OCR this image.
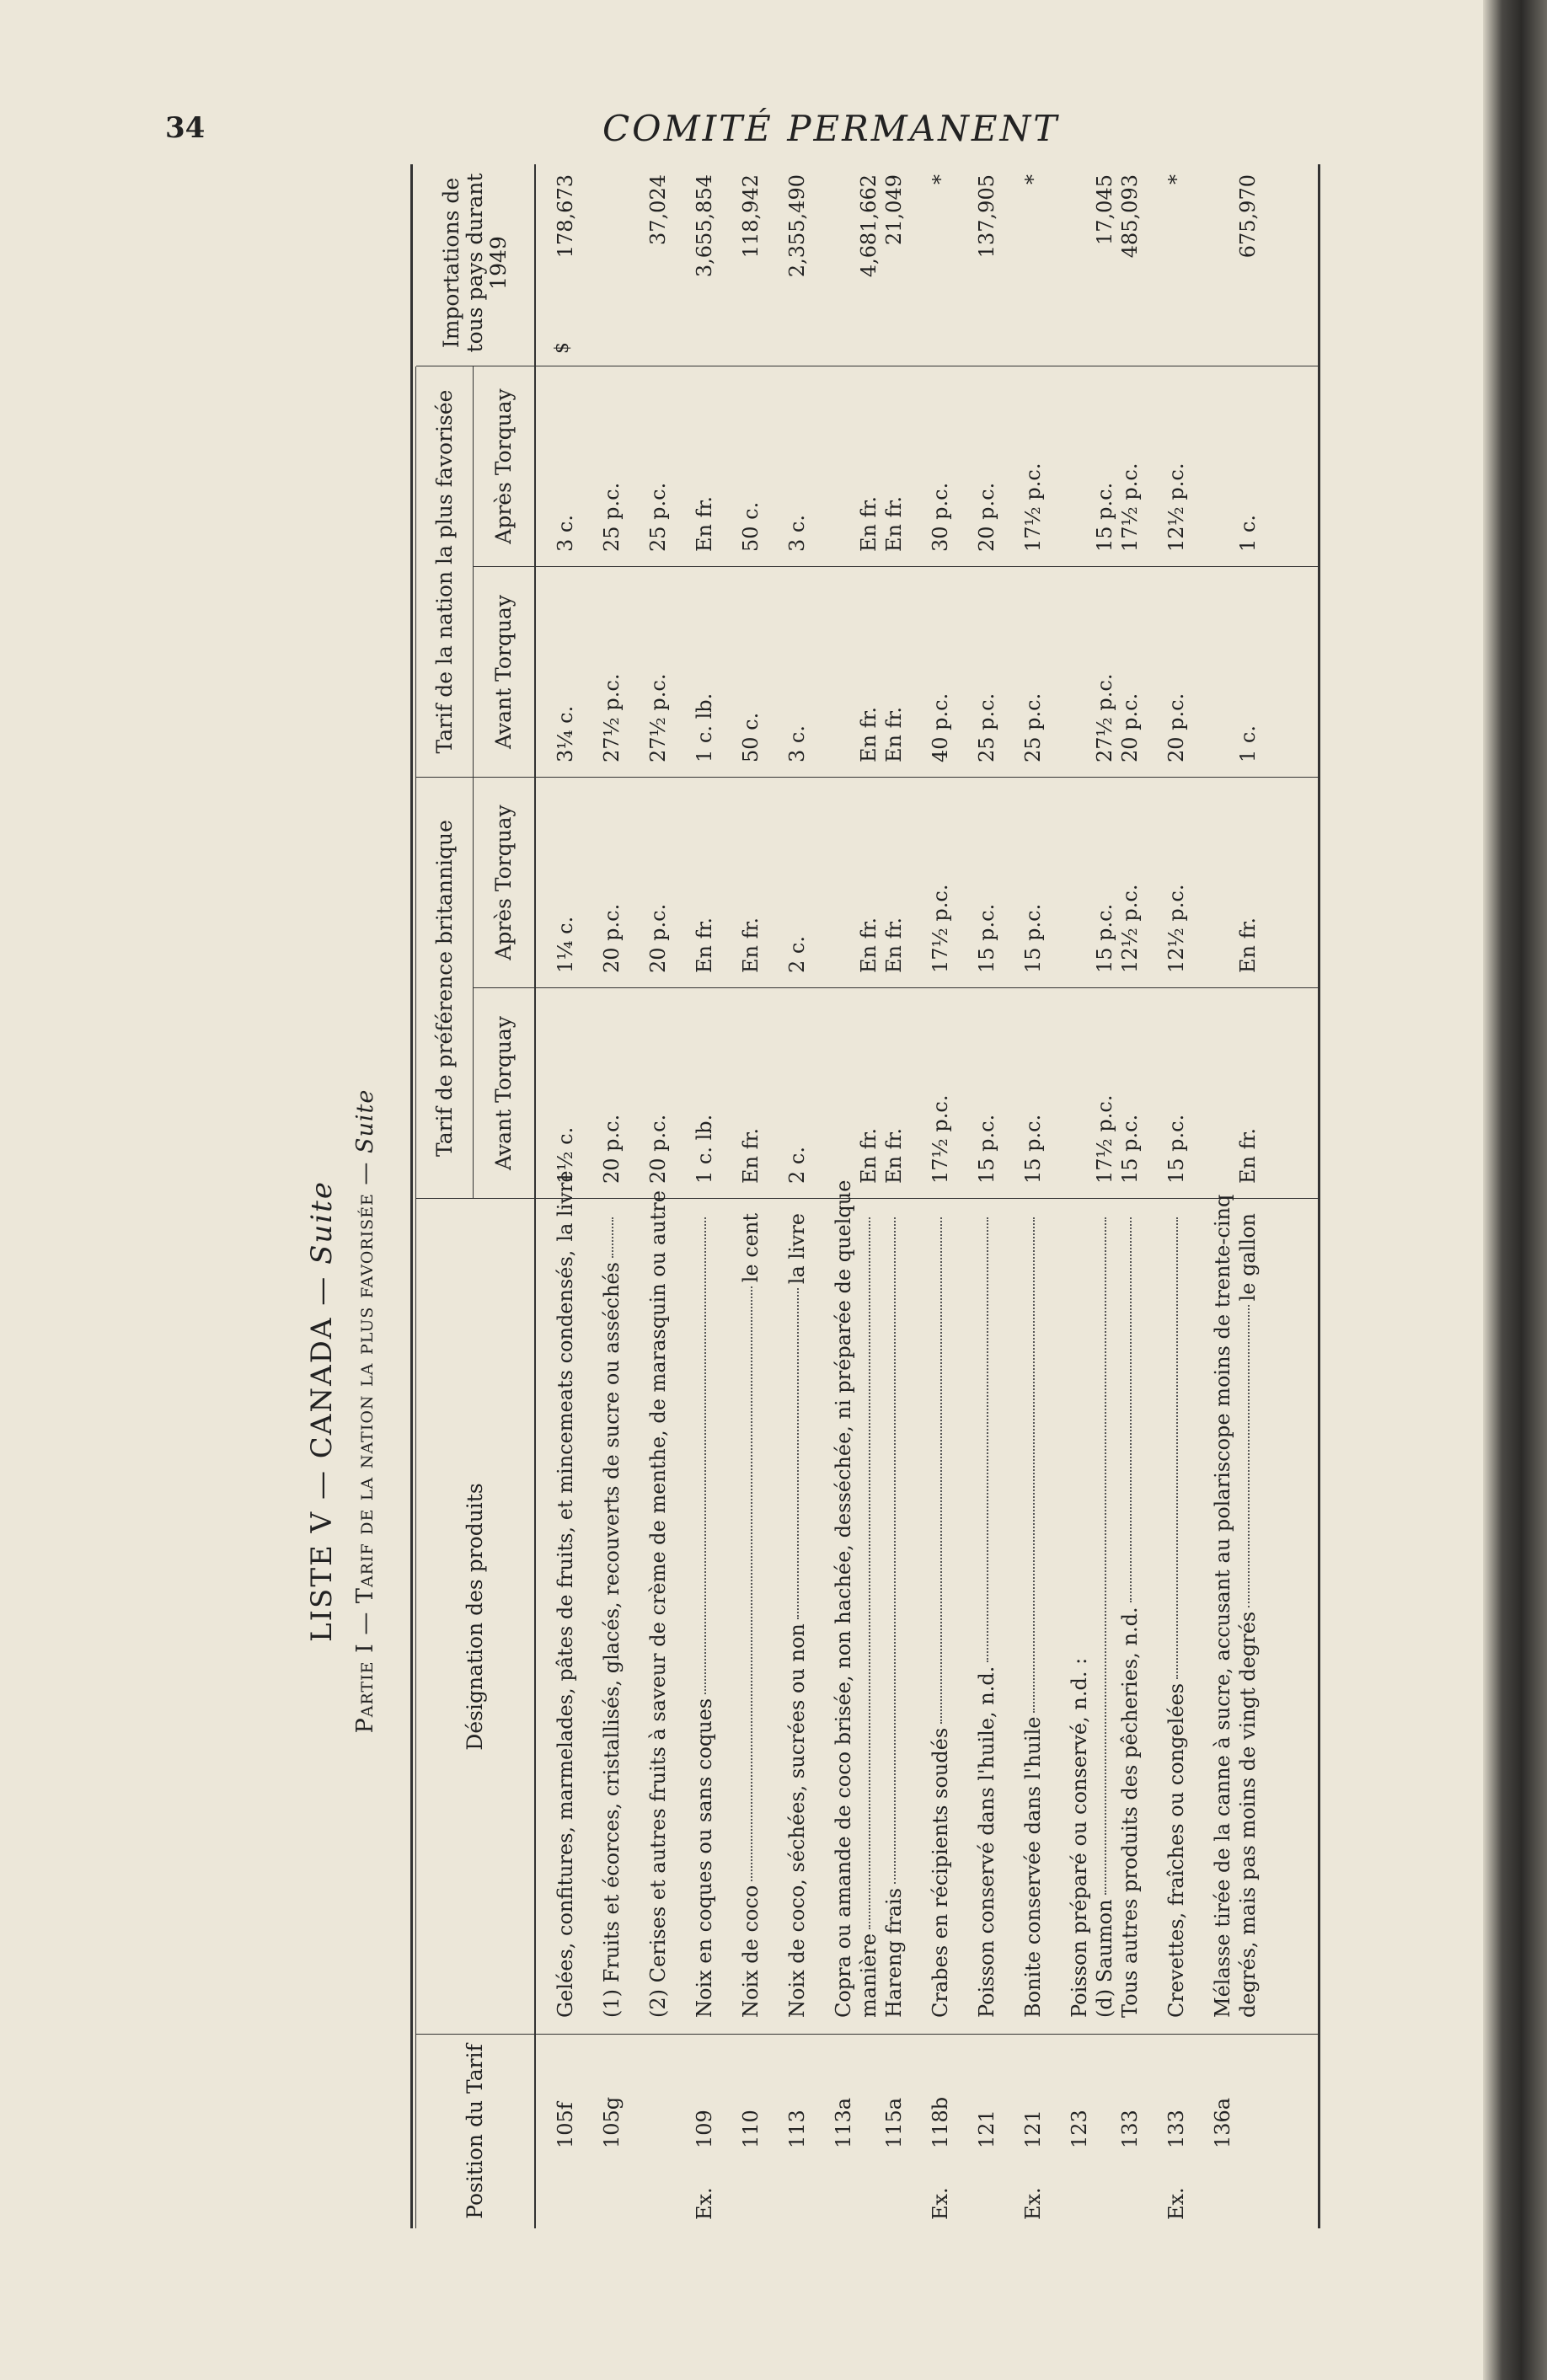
34	COMITÉ PERMANENT
LISTE V — CANADA — Suite Partie I — Tarif de la nation la plus favorisée — Suite
Position du Tarif
Désignation des produits
Tarif de préférence britannique
Tarif de la nation la plus favorisée
Avant Torquay
Après Torquay
Avant Torquay
Après Torquay
105f
Gelées, confitures, marmelades, pâtes de fruits, et mincemeats condensés,
la livre
1½ c.
1¼ c.
3¼ c.
3 c.
105g
(1) Fruits et écorces, cristallisés, glacés, recouverts de sucre ou asséchés
20 p.c.
20 p.c.
27½ p.c.
25 p.c.
(2) Cerises et autres fruits à saveur de crème de menthe, de marasquin ou autre
20 p.c.
20 p.c.
27½ p.c.
25 p.c.
Ex.
109
Noix en coques ou sans coques
1 c. lb.
En fr.
1 c. lb.
En fr.
110
Noix de coco
le cent
En fr.
En fr.
50 c.
50 c.
113
Noix de coco, séchées, sucrées ou non
la livre
2 c.
2 c.
3 c.
3 c.
113a
Copra ou amande de coco brisée, non hachée, desséchée, ni préparée de quelque manière
En fr.
En fr.
En fr.
En fr.
115a
Hareng frais
En fr.
En fr.
En fr.
En fr.
Ex.
118b
Crabes en récipients soudés
17½ p.c.
17½ p.c.
40 p.c.
30 p.c.
121
Poisson conservé dans l'huile, n.d.
15 p.c.
15 p.c.
25 p.c.
20 p.c.
Ex.
121
Bonite conservée dans l'huile
15 p.c.
15 p.c.
25 p.c.
17½ p.c.
123
Poisson préparé ou conservé, n.d. : (d) Saumon
17½ p.c.
15 p.c.
27½ p.c.
15 p.c.
133
Tous autres produits des pêcheries, n.d.
15 p.c.
12½ p.c.
20 p.c.
17½ p.c.
Ex.
133
Crevettes, fraîches ou congelées
15 p.c.
12½ p.c.
20 p.c.
12½ p.c.
136a
Mélasse tirée de la canne à sucre, accusant au polariscope moins de trente-cinq degrés, mais pas moins de vingt degrés
le gallon
En fr.
En fr.
1 c.
1 c.
Importations de tous pays durant 1949
$
178,673	37,024 3,655,854 118,942 2,355,490 4,681,662 21,049 * 137,905 * 17,045 485,093 * 675,970
